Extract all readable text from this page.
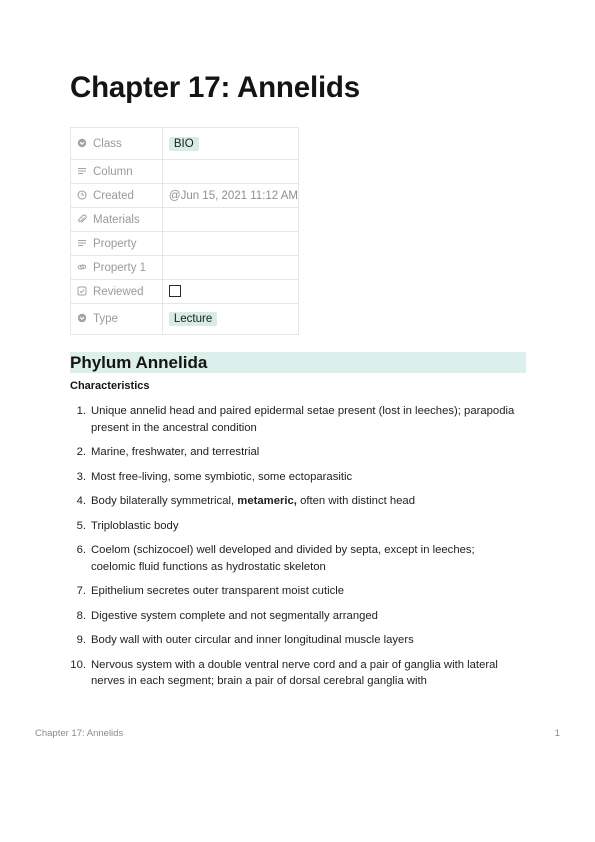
Chapter 17: Annelids
Class	BIO

Column	

Created	@Jun 15, 2021 11:12 AM

Materials	

Property	

Property 1	

Reviewed	

Type	Lecture
Phylum Annelida
Characteristics
1. Unique annelid head and paired epidermal setae present (lost in leeches); parapodia present in the ancestral condition
2. Marine, freshwater, and terrestrial
3. Most free-living, some symbiotic, some ectoparasitic
4. Body bilaterally symmetrical, metameric, often with distinct head
5. Triploblastic body
6. Coelom (schizocoel) well developed and divided by septa, except in leeches; coelomic fluid functions as hydrostatic skeleton
7. Epithelium secretes outer transparent moist cuticle
8. Digestive system complete and not segmentally arranged
9. Body wall with outer circular and inner longitudinal muscle layers
10. Nervous system with a double ventral nerve cord and a pair of ganglia with lateral nerves in each segment; brain a pair of dorsal cerebral ganglia with
Chapter 17: Annelids	1
